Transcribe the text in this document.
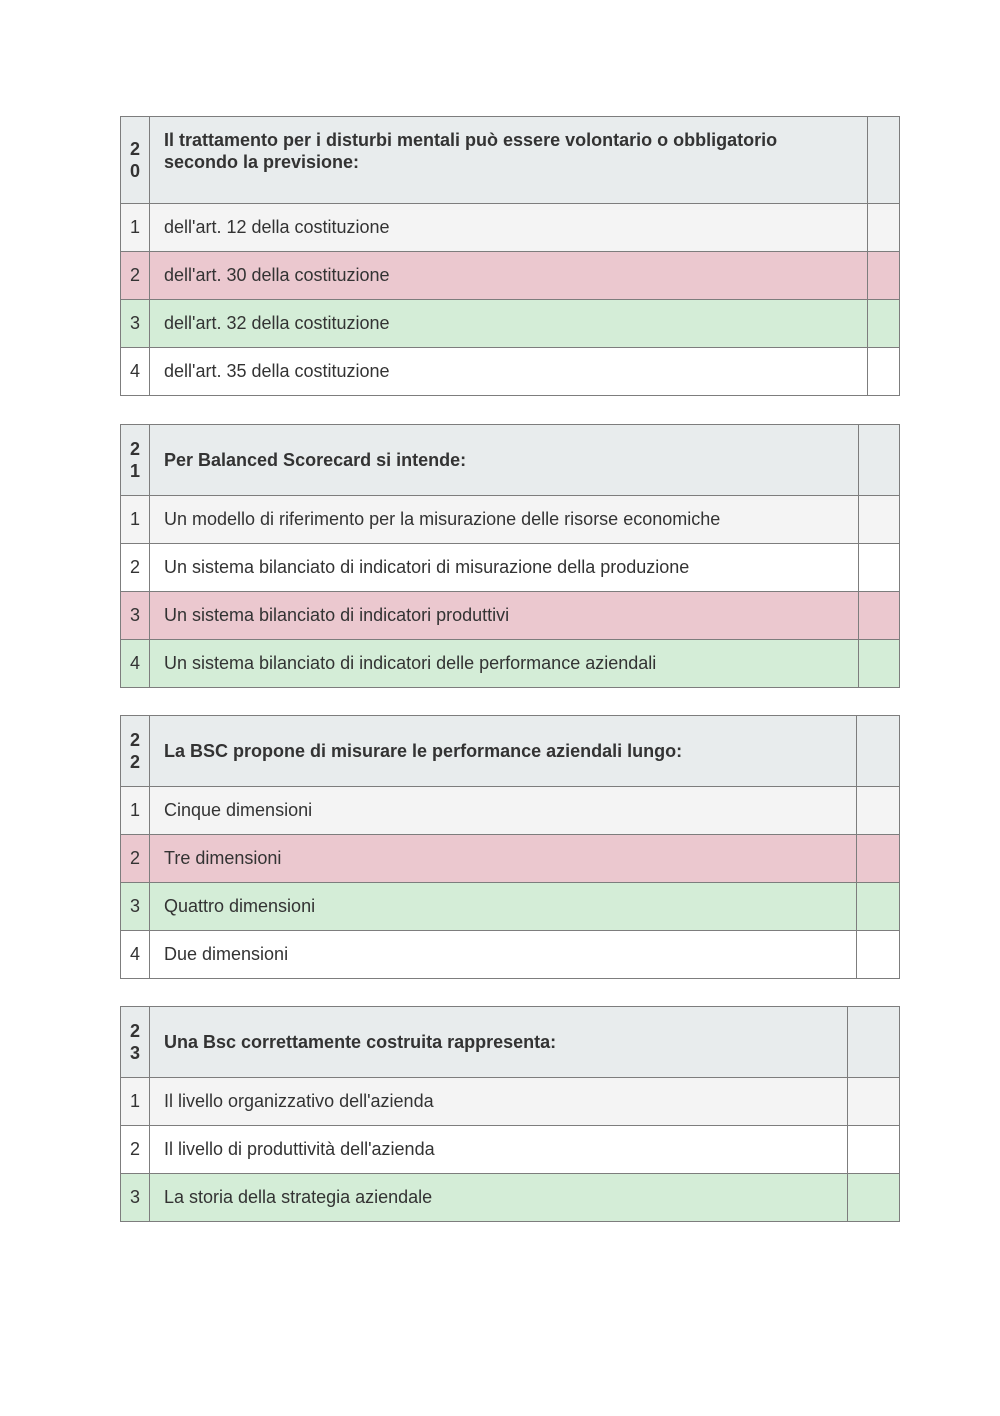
20	Il trattamento per i disturbi mentali può essere volontario o obbligatorio secondo la previsione:	
1	dell'art. 12 della costituzione	
2	dell'art. 30 della costituzione	
3	dell'art. 32 della costituzione	
4	dell'art. 35 della costituzione	
21	Per Balanced Scorecard si intende:	
1	Un modello di riferimento per la misurazione delle risorse economiche	
2	Un sistema bilanciato di indicatori di misurazione della produzione	
3	Un sistema bilanciato di indicatori produttivi	
4	Un sistema bilanciato di indicatori delle performance aziendali	
22	La BSC propone di misurare le performance aziendali lungo:	
1	Cinque dimensioni	
2	Tre dimensioni	
3	Quattro dimensioni	
4	Due dimensioni	
23	Una Bsc correttamente costruita rappresenta:	
1	Il livello organizzativo dell'azienda	
2	Il livello di produttività dell'azienda	
3	La storia della strategia aziendale	
